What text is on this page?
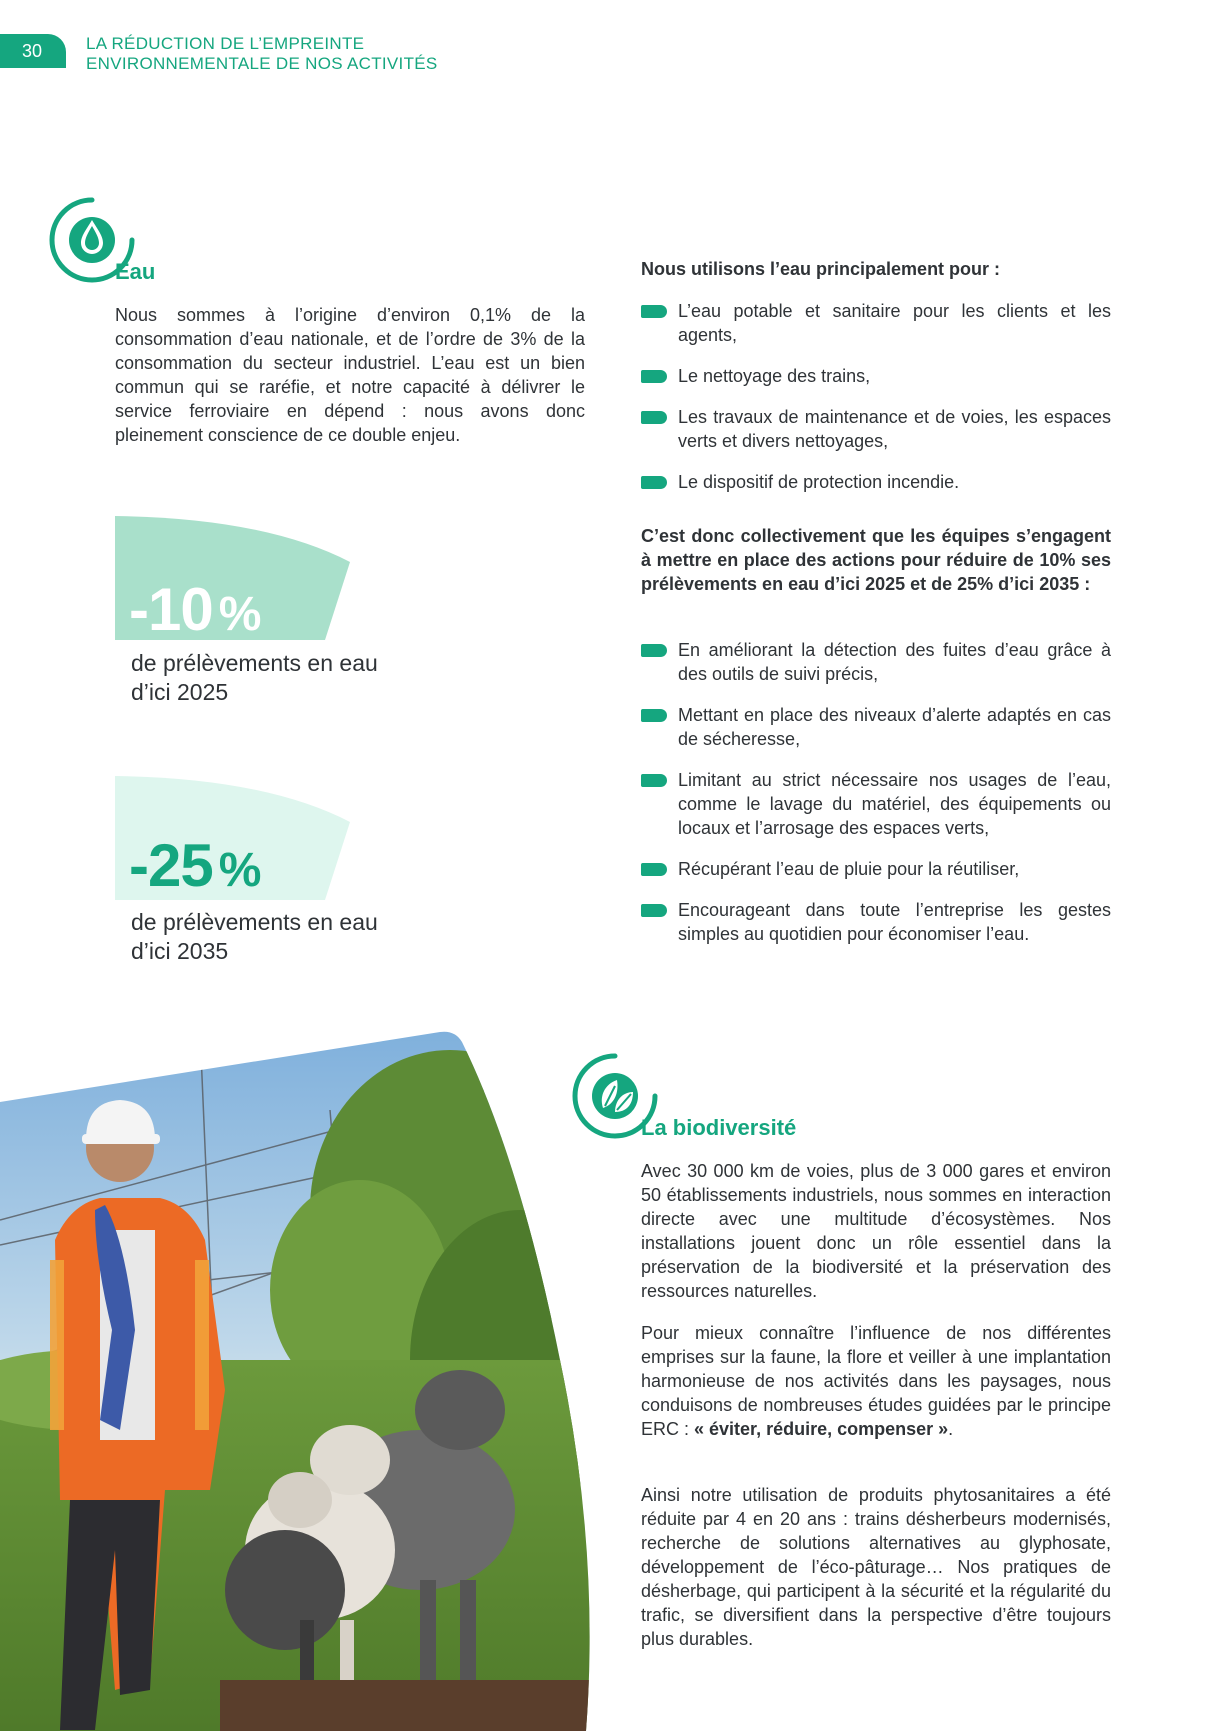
30	LA RÉDUCTION DE L’EMPREINTE
ENVIRONNEMENTALE DE NOS ACTIVITÉS
Eau
Nous sommes à l’origine d’environ 0,1% de la consommation d’eau nationale, et de l’ordre de 3% de la consommation du secteur industriel. L’eau est un bien commun qui se raréfie, et notre capacité à délivrer le service ferroviaire en dépend : nous avons donc pleinement conscience de ce double enjeu.
-10 %
de prélèvements en eau
d’ici 2025
-25 %
de prélèvements en eau
d’ici 2035
Nous utilisons l’eau principalement pour :
L’eau potable et sanitaire pour les clients et les agents,
Le nettoyage des trains,
Les travaux de maintenance et de voies, les espaces verts et divers nettoyages,
Le dispositif de protection incendie.
C’est donc collectivement que les équipes s’engagent à mettre en place des actions pour réduire de 10% ses prélèvements en eau d’ici 2025 et de 25% d’ici 2035 :
En améliorant la détection des fuites d’eau grâce à des outils de suivi précis,
Mettant en place des niveaux d’alerte adaptés en cas de sécheresse,
Limitant au strict nécessaire nos usages de l’eau, comme le lavage du matériel, des équipements ou locaux et l’arrosage des espaces verts,
Récupérant l’eau de pluie pour la réutiliser,
Encourageant dans toute l’entreprise les gestes simples au quotidien pour économiser l’eau.
La biodiversité
Avec 30 000 km de voies, plus de 3 000 gares et environ 50 établissements industriels, nous sommes en interaction directe avec une multitude d’écosystèmes. Nos installations jouent donc un rôle essentiel dans la préservation de la biodiversité et la préservation des ressources naturelles.
Pour mieux connaître l’influence de nos différentes emprises sur la faune, la flore et veiller à une implantation harmonieuse de nos activités dans les paysages, nous conduisons de nombreuses études guidées par le principe ERC : « éviter, réduire, compenser ».
Ainsi notre utilisation de produits phytosanitaires a été réduite par 4 en 20 ans : trains désherbeurs modernisés, recherche de solutions alternatives au glyphosate, développement de l’éco-pâturage… Nos pratiques de désherbage, qui participent à la sécurité et la régularité du trafic, se diversifient dans la perspective d’être toujours plus durables.
